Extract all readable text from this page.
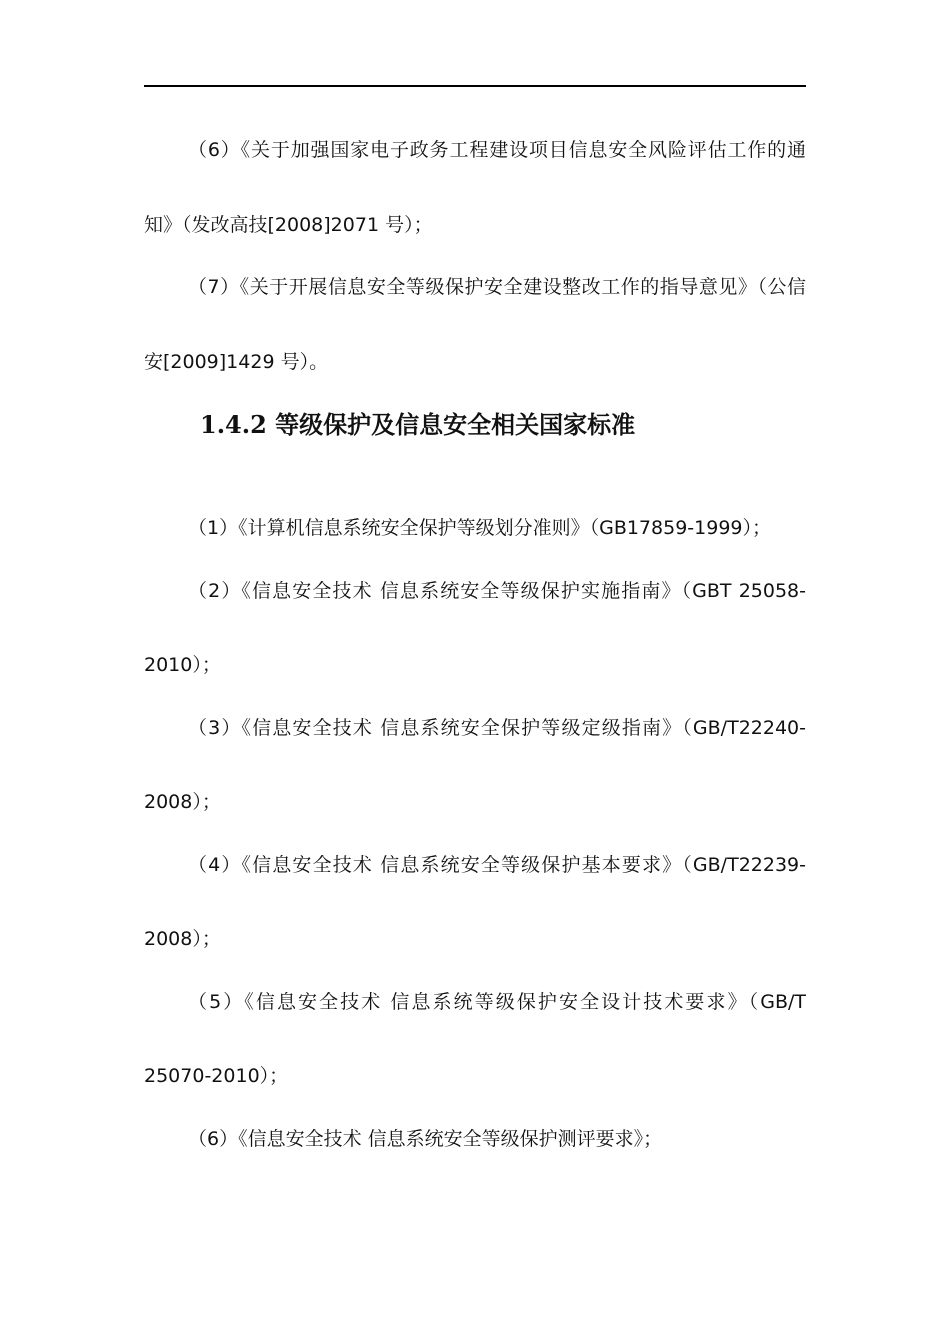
（6）《关于加强国家电子政务工程建设项目信息安全风险评估工作的通
知》（发改高技[2008]2071 号）；
（7）《关于开展信息安全等级保护安全建设整改工作的指导意见》（公信
安[2009]1429 号）。
1.4.2 等级保护及信息安全相关国家标准
（1）《计算机信息系统安全保护等级划分准则》（GB17859-1999）；
（2）《信息安全技术 信息系统安全等级保护实施指南》（GBT 25058-
2010）；
（3）《信息安全技术 信息系统安全保护等级定级指南》（GB/T22240-
2008）；
（4）《信息安全技术 信息系统安全等级保护基本要求》（GB/T22239-
2008）；
（5）《信息安全技术 信息系统等级保护安全设计技术要求》（GB/T
25070-2010）；
（6）《信息安全技术 信息系统安全等级保护测评要求》；
